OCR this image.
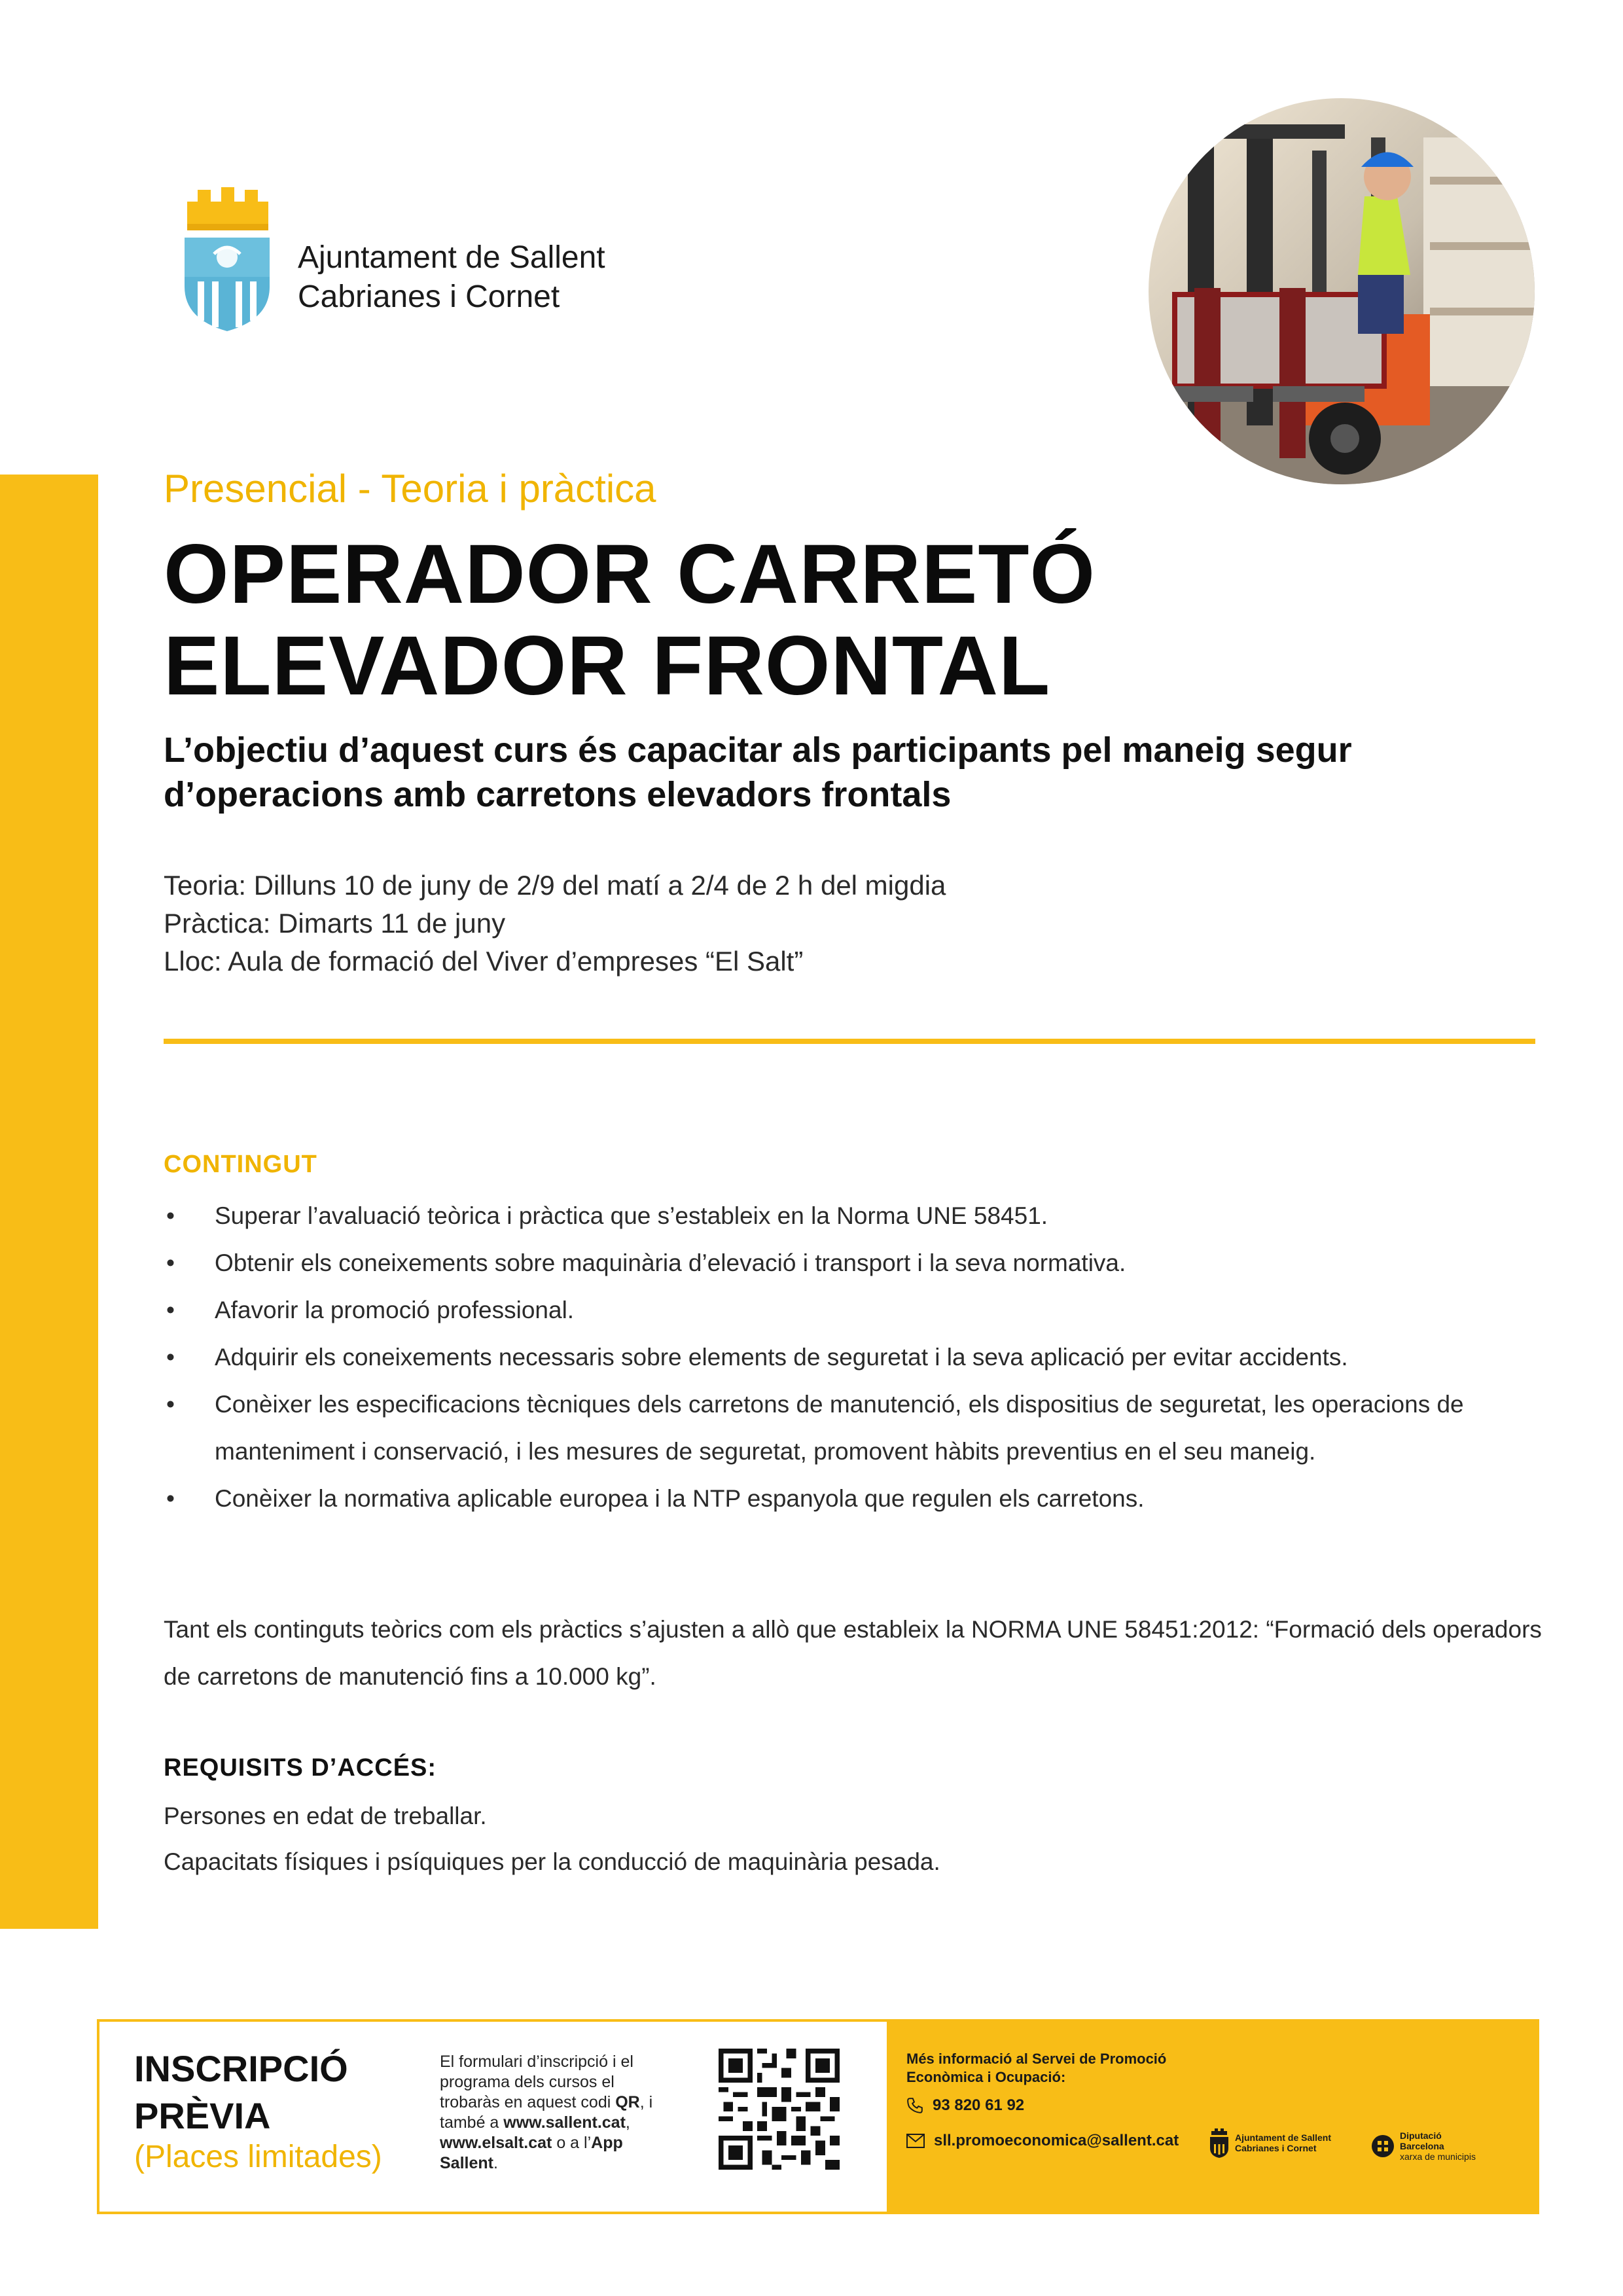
Ajuntament de Sallent
Cabrianes i Cornet
Presencial - Teoria i pràctica
OPERADOR CARRETÓ
ELEVADOR FRONTAL
L’objectiu d’aquest curs és capacitar als participants pel maneig segur
d’operacions amb carretons elevadors frontals
Teoria: Dilluns 10 de juny de 2/9 del matí a 2/4 de 2 h del migdia
Pràctica: Dimarts 11 de juny
Lloc: Aula de formació del Viver d’empreses “El Salt”
CONTINGUT
•	Superar l’avaluació teòrica i pràctica que s’estableix en la Norma UNE 58451.
•	Obtenir els coneixements sobre maquinària d’elevació i transport i la seva normativa.
•	Afavorir la promoció professional.
•	Adquirir els coneixements necessaris sobre elements de seguretat i la seva aplicació per evitar accidents.
•	Conèixer les especificacions tècniques dels carretons de manutenció, els dispositius de seguretat, les operacions de manteniment i conservació, i les mesures de seguretat, promovent hàbits preventius en el seu maneig.
•	Conèixer la normativa aplicable europea i la NTP espanyola que regulen els carretons.
Tant els continguts teòrics com els pràctics s’ajusten a allò que estableix la NORMA UNE 58451:2012: “Formació dels operadors de carretons de manutenció fins a 10.000 kg”.
REQUISITS D’ACCÉS:
Persones en edat de treballar.
Capacitats físiques i psíquiques per la conducció de maquinària pesada.
INSCRIPCIÓ
PRÈVIA
(Places limitades)
El formulari d’inscripció i el programa dels cursos el trobaràs en aquest codi QR, i també a www.sallent.cat, www.elsalt.cat o a l’App Sallent.
Més informació al Servei de Promoció Econòmica i Ocupació:
93 820 61 92
sll.promoeconomica@sallent.cat	Ajuntament de Sallent
Cabrianes i Cornet
Diputació
Barcelona
xarxa de municipis
